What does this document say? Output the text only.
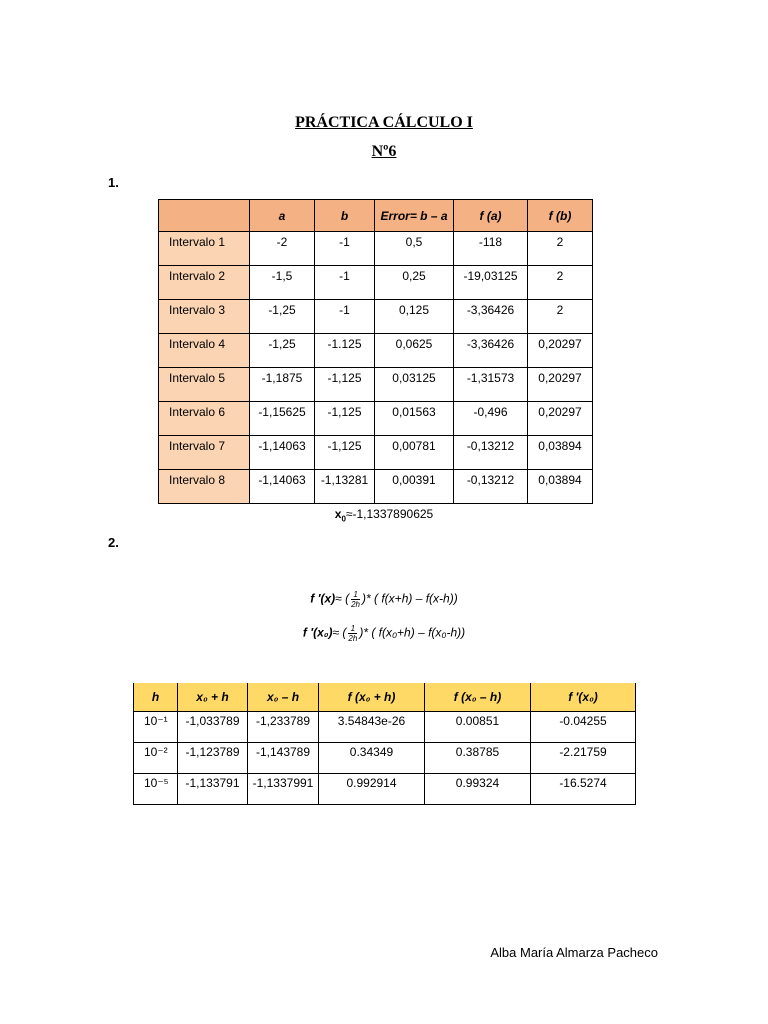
PRÁCTICA CÁLCULO I
Nº6
1.
	a	b	Error= b – a	f (a)	f (b)
Intervalo 1	-2	-1	0,5	-118	2
Intervalo 2	-1,5	-1	0,25	-19,03125	2
Intervalo 3	-1,25	-1	0,125	-3,36426	2
Intervalo 4	-1,25	-1.125	0,0625	-3,36426	0,20297
Intervalo 5	-1,1875	-1,125	0,03125	-1,31573	0,20297
Intervalo 6	-1,15625	-1,125	0,01563	-0,496	0,20297
Intervalo 7	-1,14063	-1,125	0,00781	-0,13212	0,03894
Intervalo 8	-1,14063	-1,13281	0,00391	-0,13212	0,03894
$x_0\approx-1,1337890625$
2.
f ′(x)≈ ( $\frac{1}{2h}$ )* ( f(x+h) – f(x-h))
f ′(x₀)≈ ( $\frac{1}{2h}$ )* ( f(x₀+h) – f(x₀-h))
h	x₀ + h	x₀ – h	f (x₀ + h)	f (x₀ – h)	f ′(x₀)
10⁻¹	-1,033789	-1,233789	3.54843e-26	0.00851	-0.04255
10⁻²	-1,123789	-1,143789	0.34349	0.38785	-2.21759
10⁻⁵	-1,133791	-1,1337991	0.992914	0.99324	-16.5274
Alba María Almarza Pacheco
